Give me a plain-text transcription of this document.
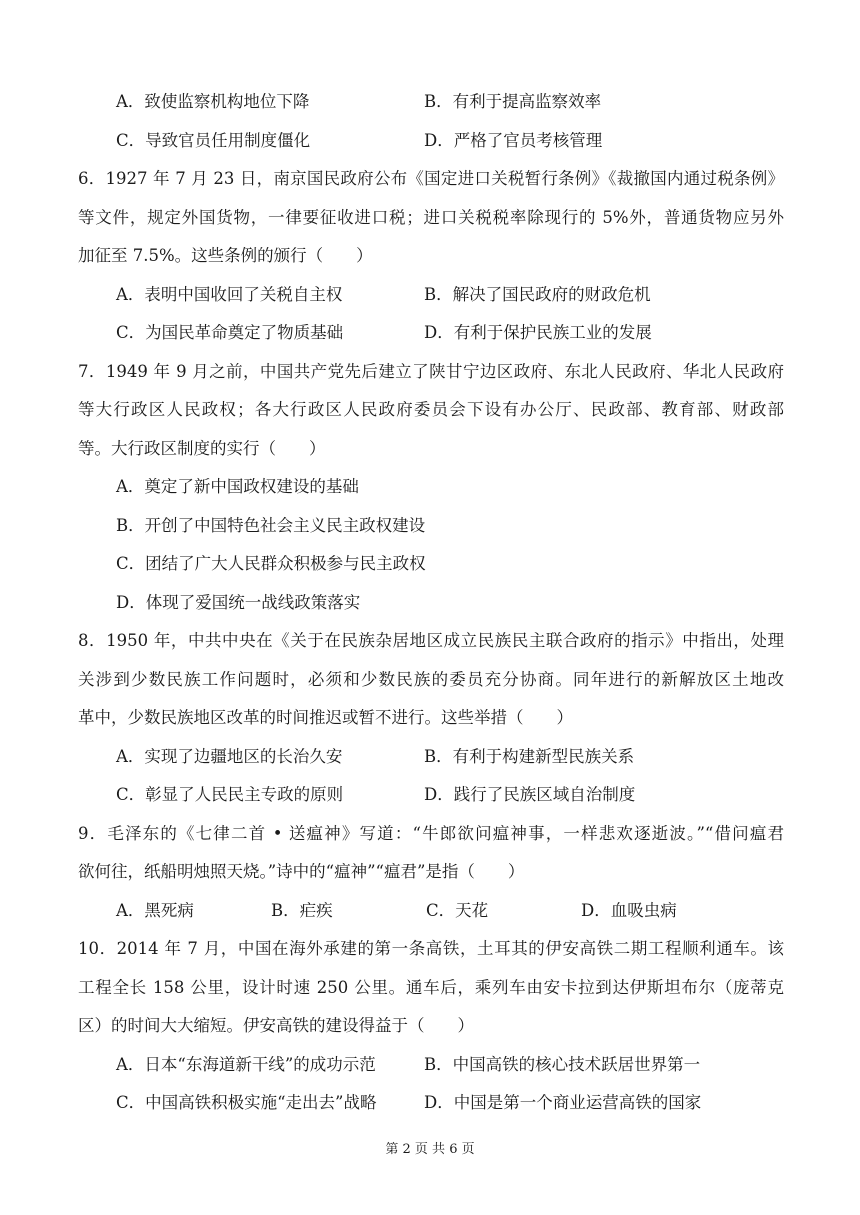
A．致使监察机构地位下降	B．有利于提高监察效率
C．导致官员任用制度僵化	D．严格了官员考核管理
6．1927 年 7 月 23 日，南京国民政府公布《国定进口关税暂行条例》《裁撤国内通过税条例》
等文件，规定外国货物，一律要征收进口税；进口关税税率除现行的 5%外，普通货物应另外
加征至 7.5%。这些条例的颁行（　　）
A．表明中国收回了关税自主权	B．解决了国民政府的财政危机
C．为国民革命奠定了物质基础	D．有利于保护民族工业的发展
7．1949 年 9 月之前，中国共产党先后建立了陕甘宁边区政府、东北人民政府、华北人民政府
等大行政区人民政权；各大行政区人民政府委员会下设有办公厅、民政部、教育部、财政部
等。大行政区制度的实行（　　）
A．奠定了新中国政权建设的基础
B．开创了中国特色社会主义民主政权建设
C．团结了广大人民群众积极参与民主政权
D．体现了爱国统一战线政策落实
8．1950 年，中共中央在《关于在民族杂居地区成立民族民主联合政府的指示》中指出，处理
关涉到少数民族工作问题时，必须和少数民族的委员充分协商。同年进行的新解放区土地改
革中，少数民族地区改革的时间推迟或暂不进行。这些举措（　　）
A．实现了边疆地区的长治久安	B．有利于构建新型民族关系
C．彰显了人民民主专政的原则	D．践行了民族区域自治制度
9．毛泽东的《七律二首 • 送瘟神》写道：“牛郎欲问瘟神事，一样悲欢逐逝波。”“借问瘟君
欲何往，纸船明烛照天烧。”诗中的“瘟神”“瘟君”是指（　　）
A．黑死病	B．疟疾	C．天花	D．血吸虫病
10．2014 年 7 月，中国在海外承建的第一条高铁，土耳其的伊安高铁二期工程顺利通车。该
工程全长 158 公里，设计时速 250 公里。通车后，乘列车由安卡拉到达伊斯坦布尔（庞蒂克
区）的时间大大缩短。伊安高铁的建设得益于（　　）
A．日本“东海道新干线”的成功示范	B．中国高铁的核心技术跃居世界第一
C．中国高铁积极实施“走出去”战略	D．中国是第一个商业运营高铁的国家
第 2 页 共 6 页
